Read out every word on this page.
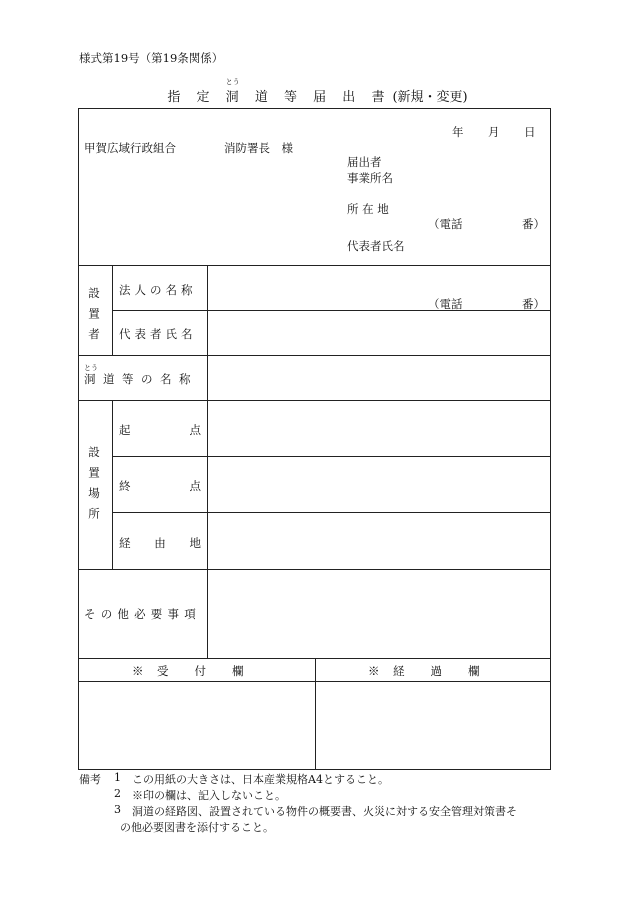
様式第19号（第19条関係）
指 定 洞
とう
道 等 届 出 書 (新規・変更)
年 月 日
甲賀広域行政組合	消防署長　様
届出者
事業所名
所 在 地
（電話	番）
代表者氏名
設置者 法人の名称
（電話	番）
代表者氏名
洞道等の名称
とう
設置場所
起	点
終	点
経 由 地
その他必要事項
※　受　　付　　欄	※　経　　過　　欄
備考 1 この用紙の大きさは、日本産業規格A4とすること。
2 ※印の欄は、記入しないこと。
3 洞道の経路図、設置されている物件の概要書、火災に対する安全管理対策書そ
の他必要図書を添付すること。
